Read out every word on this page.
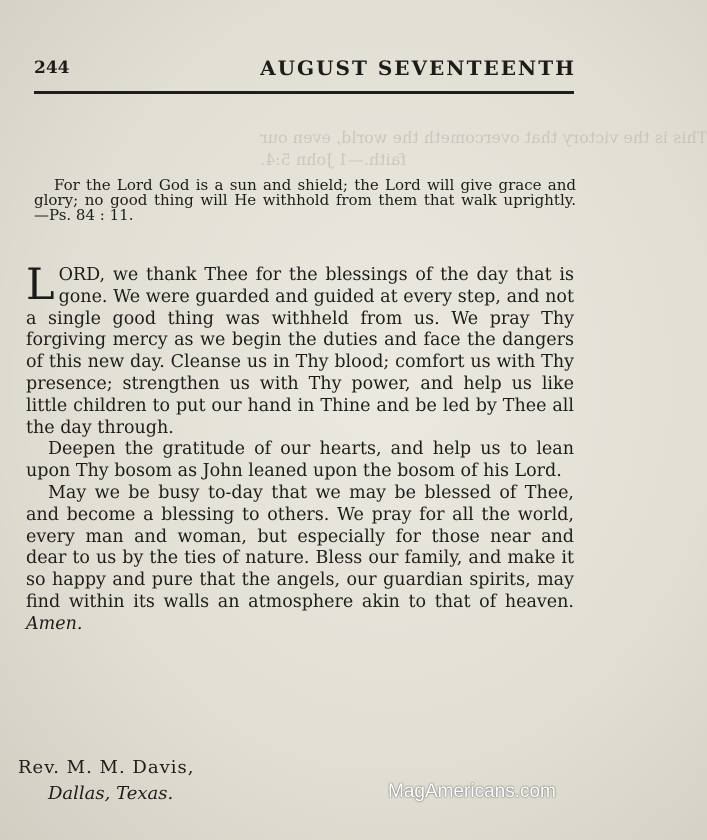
This is the victory that overcometh the world, even our
faith.—1 John 5:4.
244	AUGUST SEVENTEENTH
For the Lord God is a sun and shield; the Lord will give grace and glory; no good thing will He withhold from them that walk uprightly.—Ps. 84 : 11.

LORD, we thank Thee for the blessings of the day that is gone. We were guarded and guided at every step, and not a single good thing was withheld from us. We pray Thy forgiving mercy as we begin the duties and face the dangers of this new day. Cleanse us in Thy blood; comfort us with Thy presence; strengthen us with Thy power, and help us like little children to put our hand in Thine and be led by Thee all the day through.

Deepen the gratitude of our hearts, and help us to lean upon Thy bosom as John leaned upon the bosom of his Lord.

May we be busy to-day that we may be blessed of Thee, and become a blessing to others. We pray for all the world, every man and woman, but especially for those near and dear to us by the ties of nature. Bless our family, and make it so happy and pure that the angels, our guardian spirits, may find within its walls an atmosphere akin to that of heaven. Amen.

Rev. M. M. Davis,
Dallas, Texas.	MagAmericans.com
